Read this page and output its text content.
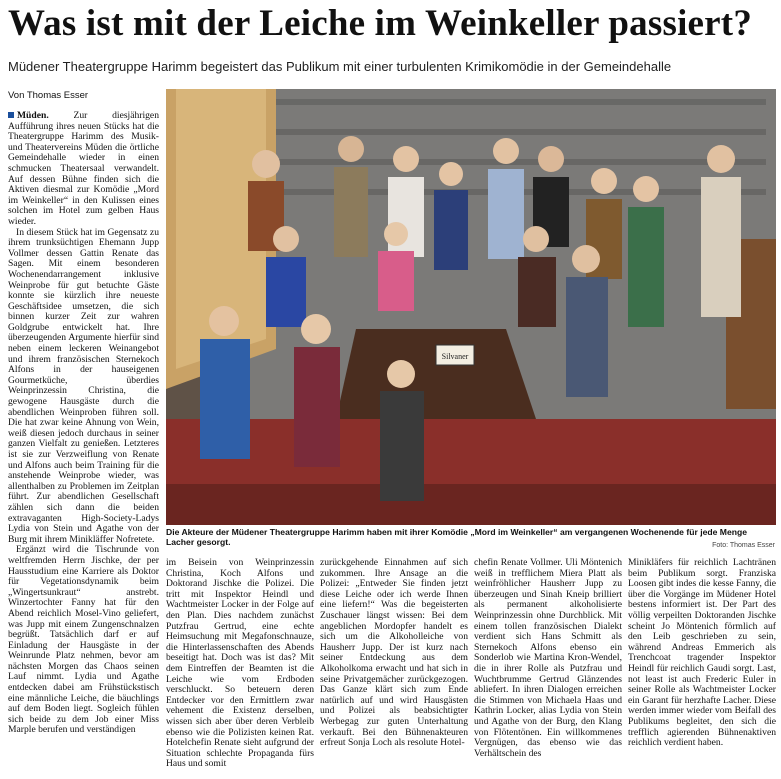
Was ist mit der Leiche im Weinkeller passiert?
Müdener Theatergruppe Harimm begeistert das Publikum mit einer turbulenten Krimikomödie in der Gemeindehalle
Von Thomas Esser

Müden.	Zur diesjährigen Aufführung ihres neuen Stücks hat die Theatergruppe Harimm des Musik- und Theatervereins Müden die örtliche Gemeindehalle wieder in einen schmucken Theatersaal verwandelt. Auf dessen Bühne finden sich die Aktiven diesmal zur Komödie „Mord im Weinkeller“ in den Kulissen eines solchen im Hotel zum gelben Haus wieder.

In diesem Stück hat im Gegensatz zu ihrem trunksüchtigen Ehemann Jupp Vollmer dessen Gattin Renate das Sagen. Mit einem besonderen Wochenendarrangement inklusive Weinprobe für gut betuchte Gäste konnte sie kürzlich ihre neueste Geschäftsidee umsetzen, die sich binnen kurzer Zeit zur wahren Goldgrube entwickelt hat. Ihre überzeugenden Argumente hierfür sind neben einem leckeren Weinangebot und ihrem französischen Sternekoch Alfons in der hauseigenen Gourmetküche, überdies Weinprinzessin Christina, die gewogene Hausgäste durch die abendlichen Weinproben führen soll. Die hat zwar keine Ahnung von Wein, weiß diesen jedoch durchaus in seiner ganzen Vielfalt zu genießen. Letzteres ist sie zur Verzweiflung von Renate und Alfons auch beim Training für die anstehende Weinprobe wieder, was allenthalben zu Problemen im Zeitplan führt. Zur abendlichen Gesellschaft zählen sich dann die beiden extravaganten High-Society-Ladys Lydia von Stein und Agathe von der Burg mit ihrem Minikläffer Nofretete.

Ergänzt wird die Tischrunde von weltfremden Herrn Jischke, der per Hausstudium eine Karriere als Doktor für Vegetationsdynamik beim „Wingertsunkraut“ anstrebt. Winzertochter Fanny hat für den Abend reichlich Mosel-Vino geliefert, was Jupp mit einem Zungenschnalzen begrüßt. Tatsächlich darf er auf Einladung der Hausgäste in der Weinrunde Platz nehmen, bevor am nächsten Morgen das Chaos seinen Lauf nimmt. Lydia und Agathe entdecken dabei am Frühstückstisch eine männliche Leiche, die bäuchlings auf dem Boden liegt. Sogleich fühlen sich beide zu dem Job einer Miss Marple berufen und verständigen

Silvaner
Die Akteure der Müdener Theatergruppe Harimm haben mit ihrer Komödie „Mord im Weinkeller“ am vergangenen Wochenende für jede Menge Lacher gesorgt.	Foto: Thomas Esser

im Beisein von Weinprinzessin Christina, Koch Alfons und Doktorand Jischke die Polizei. Die tritt mit Inspektor Heindl und Wachtmeister Locker in der Folge auf den Plan. Dies nachdem zunächst Putzfrau Gertrud, eine echte Heimsuchung mit Megafonschnauze, die Hinterlassenschaften des Abends beseitigt hat. Doch was ist das? Mit dem Eintreffen der Beamten ist die Leiche wie vom Erdboden verschluckt. So beteuern deren Entdecker vor den Ermittlern zwar vehement die Existenz derselben, wissen sich aber über deren Verbleib ebenso wie die Polizisten keinen Rat. Hotelchefin Renate sieht aufgrund der Situation schlechte Propaganda fürs Haus und somit

zurückgehende Einnahmen auf sich zukommen. Ihre Ansage an die Polizei: „Entweder Sie finden jetzt diese Leiche oder ich werde Ihnen eine liefern!“ Was die begeisterten Zuschauer längst wissen: Bei dem angeblichen Mordopfer handelt es sich um die Alkoholleiche von Hausherr Jupp. Der ist kurz nach seiner Entdeckung aus dem Alkoholkoma erwacht und hat sich in seine Privatgemächer zurückgezogen. Das Ganze klärt sich zum Ende natürlich auf und wird Hausgästen und Polizei als beabsichtigter Werbegag zur guten Unterhaltung verkauft. Bei den Bühnenakteuren erfreut Sonja Loch als resolute Hotel-

chefin Renate Vollmer. Uli Möntenich weiß in trefflichem Miera Platt als weinfröhlicher Hausherr Jupp zu überzeugen und Sinah Kneip brilliert als permanent alkoholisierte Weinprinzessin ohne Durchblick. Mit einem tollen französischen Dialekt verdient sich Hans Schmitt als Sternekoch Alfons ebenso ein Sonderlob wie Martina Kron-Wendel, die in ihrer Rolle als Putzfrau und Wuchtbrumme Gertrud Glänzendes abliefert. In ihren Dialogen erreichen die Stimmen von Michaela Haas und Kathrin Locker, alias Lydia von Stein und Agathe von der Burg, den Klang von Flötentönen. Ein willkommenes Vergnügen, das ebenso wie das Verhältschein des

Minikläfers für reichlich Lachtränen beim Publikum sorgt. Franziska Loosen gibt indes die kesse Fanny, die über die Vorgänge im Müdener Hotel bestens informiert ist. Der Part des völlig verpeilten Doktoranden Jischke scheint Jo Möntenich förmlich auf den Leib geschrieben zu sein, während Andreas Emmerich als Trenchcoat tragender Inspektor Heindl für reichlich Gaudi sorgt. Last, not least ist auch Frederic Euler in seiner Rolle als Wachtmeister Locker ein Garant für herzhafte Lacher. Diese werden immer wieder vom Beifall des Publikums begleitet, den sich die trefflich agierenden Bühnenaktiven reichlich verdient haben.
